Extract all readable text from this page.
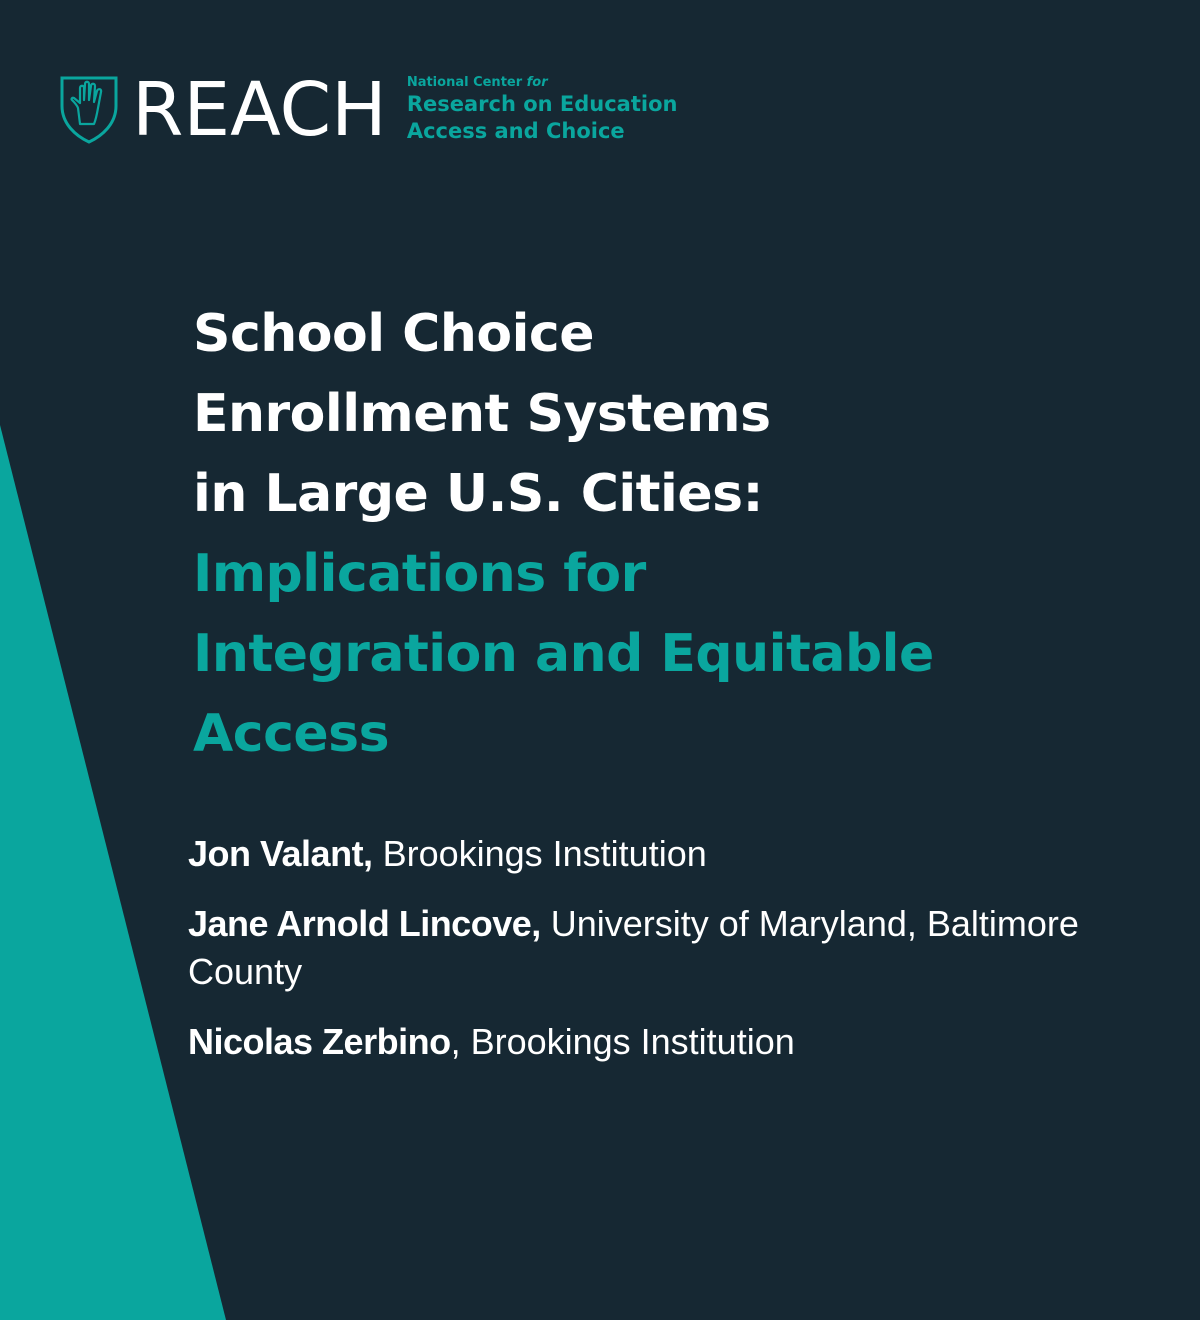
REACH National Center for
Research on Education
Access and Choice
School Choice
Enrollment Systems
in Large U.S. Cities:
Implications for
Integration and Equitable
Access
Jon Valant, Brookings Institution
Jane Arnold Lincove, University of Maryland, Baltimore County
Nicolas Zerbino, Brookings Institution
